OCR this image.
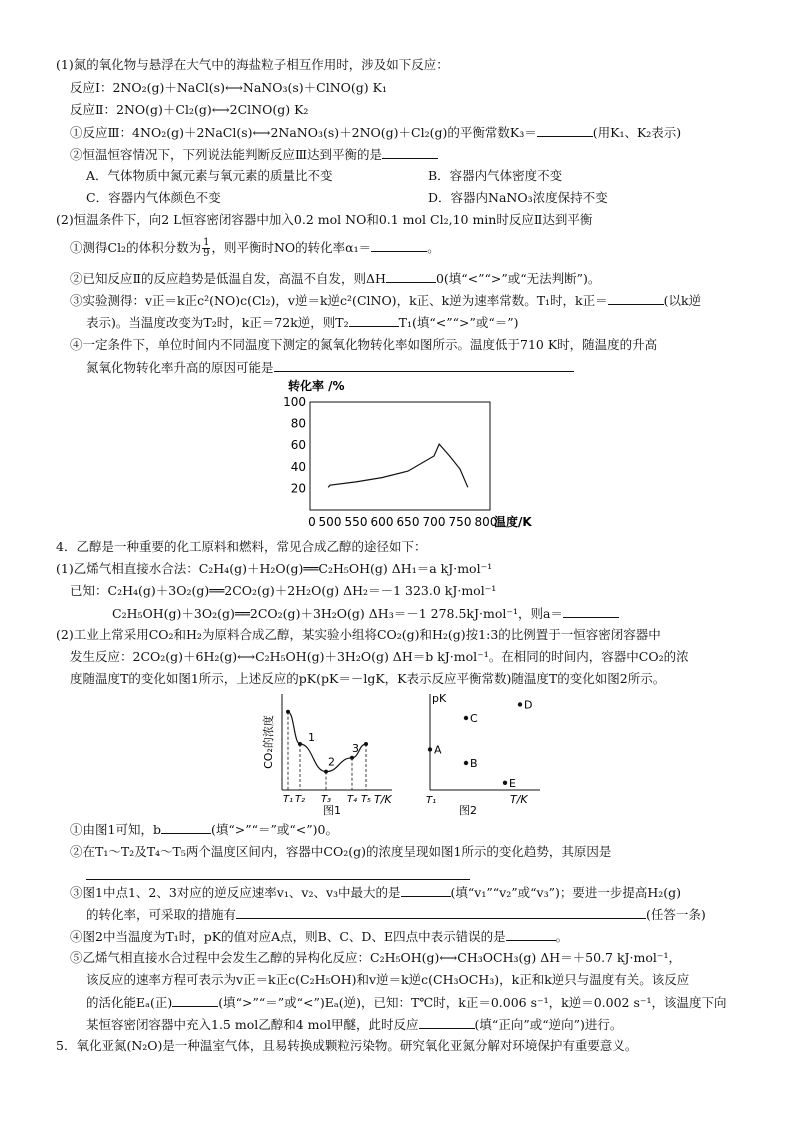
(1)氮的氧化物与悬浮在大气中的海盐粒子相互作用时，涉及如下反应：
反应Ⅰ：2NO₂(g)＋NaCl(s)⟷NaNO₃(s)＋ClNO(g) K₁
反应Ⅱ：2NO(g)＋Cl₂(g)⟷2ClNO(g) K₂
①反应Ⅲ：4NO₂(g)＋2NaCl(s)⟷2NaNO₃(s)＋2NO(g)＋Cl₂(g)的平衡常数K₃＝	(用K₁、K₂表示)
②恒温恒容情况下，下列说法能判断反应Ⅲ达到平衡的是
A．气体物质中氮元素与氧元素的质量比不变	B．容器内气体密度不变
C．容器内气体颜色不变	D．容器内NaNO₃浓度保持不变
(2)恒温条件下，向2 L恒容密闭容器中加入0.2 mol NO和0.1 mol Cl₂,10 min时反应Ⅱ达到平衡
①测得Cl₂的体积分数为 $\frac{1}{9}$ ，则平衡时NO的转化率α₁＝	。
②已知反应Ⅱ的反应趋势是低温自发，高温不自发，则ΔH	0(填“<”“>”或“无法判断”)。
③实验测得：v正＝k正c²(NO)c(Cl₂)，v逆＝k逆c²(ClNO)，k正、k逆为速率常数。T₁时，k正＝	(以k逆
表示)。当温度改变为T₂时，k正＝72k逆，则T₂	T₁(填“<”“>”或“＝”)
④一定条件下，单位时间内不同温度下测定的氮氧化物转化率如图所示。温度低于710 K时，随温度的升高
氮氧化物转化率升高的原因可能是
转化率 /%
20
40
60
80
100
0 500 550 600 650 700 750 800
温度/K
4．乙醇是一种重要的化工原料和燃料，常见合成乙醇的途径如下：
(1)乙烯气相直接水合法：C₂H₄(g)＋H₂O(g)══C₂H₅OH(g) ΔH₁＝a kJ·mol⁻¹
已知：C₂H₄(g)＋3O₂(g)══2CO₂(g)＋2H₂O(g) ΔH₂＝－1 323.0 kJ·mol⁻¹
C₂H₅OH(g)＋3O₂(g)══2CO₂(g)＋3H₂O(g) ΔH₃＝－1 278.5kJ·mol⁻¹，则a＝
(2)工业上常采用CO₂和H₂为原料合成乙醇，某实验小组将CO₂(g)和H₂(g)按1:3的比例置于一恒容密闭容器中
发生反应：2CO₂(g)＋6H₂(g)⟷C₂H₅OH(g)＋3H₂O(g) ΔH＝b kJ·mol⁻¹。在相同的时间内，容器中CO₂的浓
度随温度T的变化如图1所示，上述反应的pK(pK＝－lgK，K表示反应平衡常数)随温度T的变化如图2所示。
CO₂的浓度
T/K
T₁ T₂ T₃ T₄ T₅
1
2
3
图1
pK
T/K
T₁
A
B
C
D
E
图2
①由图1可知，b	(填“>”“＝”或“<”)0。
②在T₁～T₂及T₄～T₅两个温度区间内，容器中CO₂(g)的浓度呈现如图1所示的变化趋势，其原因是
③图1中点1、2、3对应的逆反应速率v₁、v₂、v₃中最大的是	(填“v₁”“v₂”或“v₃”)；要进一步提高H₂(g)
的转化率，可采取的措施有	(任答一条)
④图2中当温度为T₁时，pK的值对应A点，则B、C、D、E四点中表示错误的是	。
⑤乙烯气相直接水合过程中会发生乙醇的异构化反应：C₂H₅OH(g)⟷CH₃OCH₃(g) ΔH＝＋50.7 kJ·mol⁻¹，
该反应的速率方程可表示为v正＝k正c(C₂H₅OH)和v逆＝k逆c(CH₃OCH₃)，k正和k逆只与温度有关。该反应
的活化能Eₐ(正)	(填“>”“＝”或“<”)Eₐ(逆)，已知：T℃时，k正＝0.006 s⁻¹，k逆＝0.002 s⁻¹，该温度下向
某恒容密闭容器中充入1.5 mol乙醇和4 mol甲醚，此时反应	(填“正向”或“逆向”)进行。
5．氧化亚氮(N₂O)是一种温室气体，且易转换成颗粒污染物。研究氧化亚氮分解对环境保护有重要意义。
